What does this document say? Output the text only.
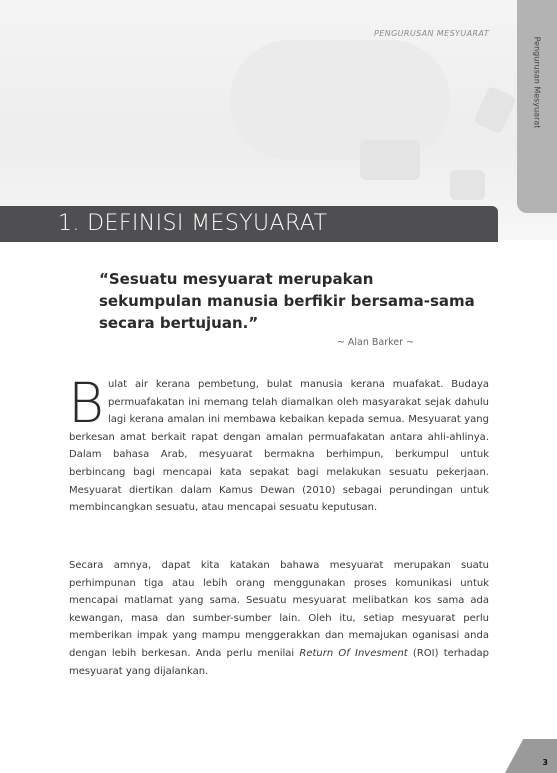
PENGURUSAN MESYUARAT
Pengurusan Mesyuarat
1. DEFINISI MESYUARAT
“Sesuatu mesyuarat merupakan sekumpulan manusia berfikir bersama-sama secara bertujuan.”
~ Alan Barker ~
Bulat air kerana pembetung, bulat manusia kerana muafakat. Budaya permuafakatan ini memang telah diamalkan oleh masyarakat sejak dahulu lagi kerana amalan ini membawa kebaikan kepada semua. Mesyuarat yang berkesan amat berkait rapat dengan amalan permuafakatan antara ahli-ahlinya. Dalam bahasa Arab, mesyuarat bermakna berhimpun, berkumpul untuk berbincang bagi mencapai kata sepakat bagi melakukan sesuatu pekerjaan. Mesyuarat diertikan dalam Kamus Dewan (2010) sebagai perundingan untuk membincangkan sesuatu, atau mencapai sesuatu keputusan.
Secara amnya, dapat kita katakan bahawa mesyuarat merupakan suatu perhimpunan tiga atau lebih orang menggunakan proses komunikasi untuk mencapai matlamat yang sama. Sesuatu mesyuarat melibatkan kos sama ada kewangan, masa dan sumber-sumber lain. Oleh itu, setiap mesyuarat perlu memberikan impak yang mampu menggerakkan dan memajukan oganisasi anda dengan lebih berkesan. Anda perlu menilai Return Of Invesment (ROI) terhadap mesyuarat yang dijalankan.
3
